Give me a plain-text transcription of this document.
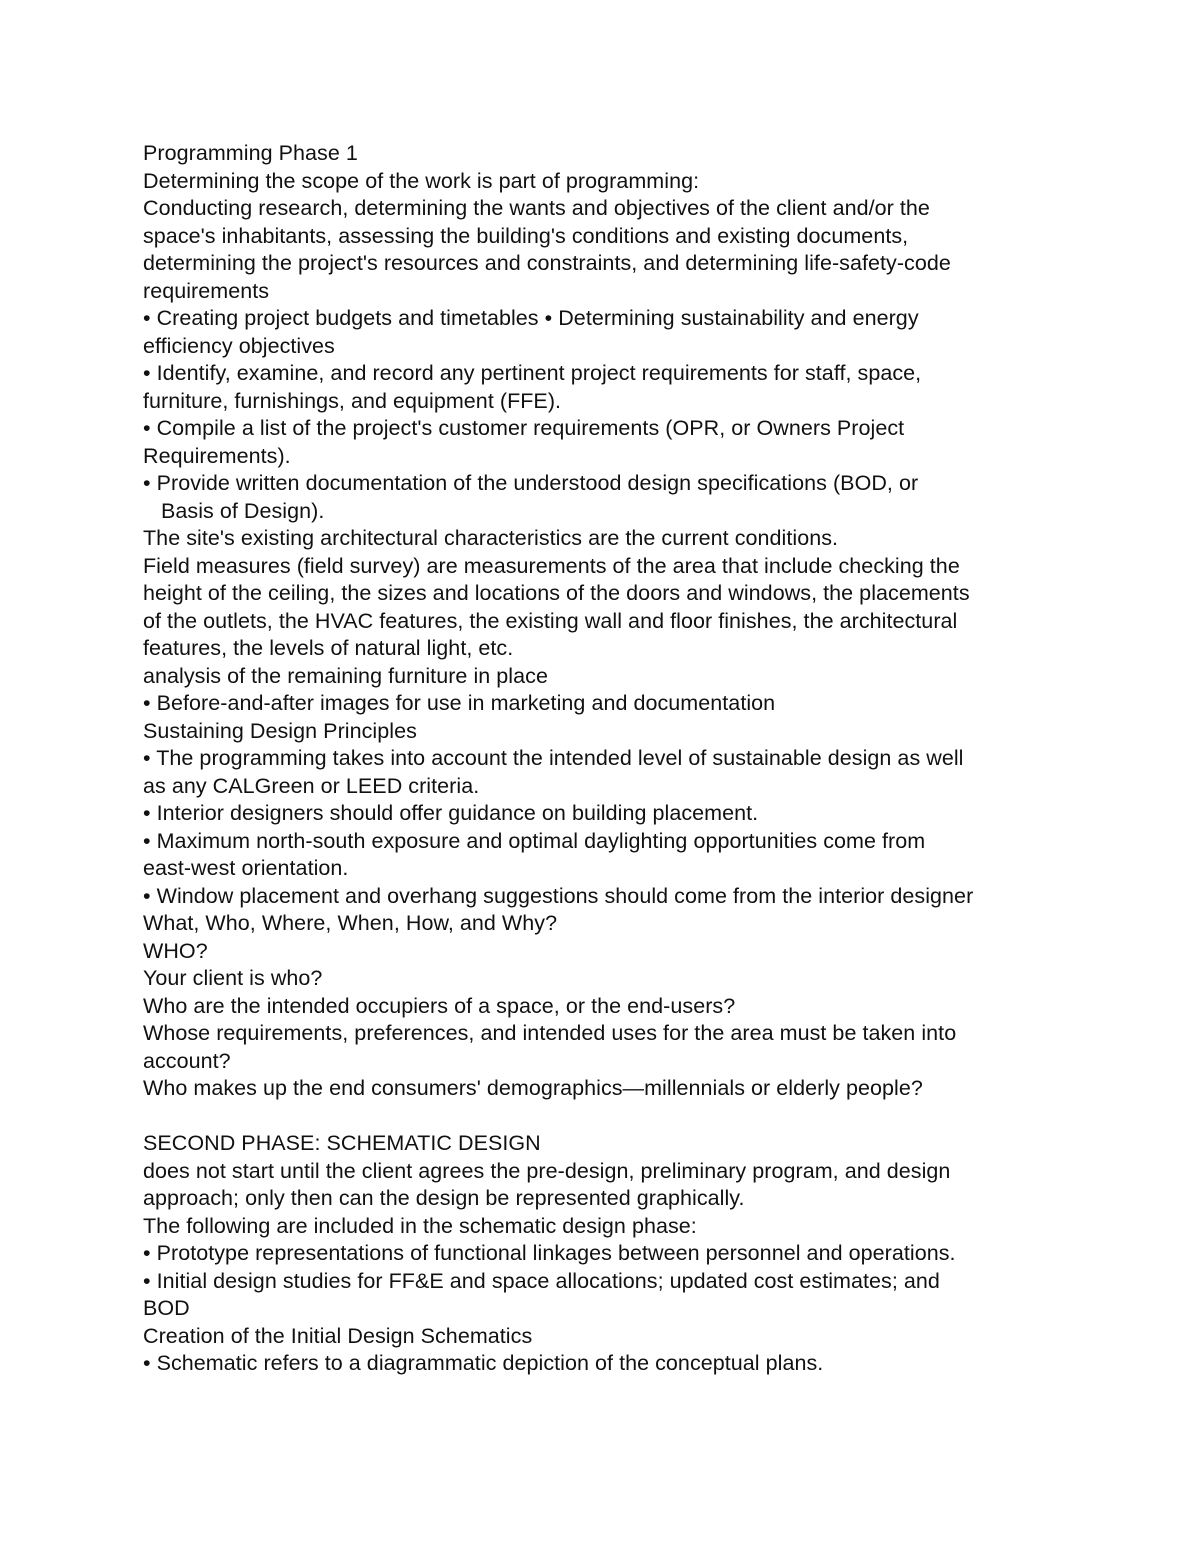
Programming Phase 1
Determining the scope of the work is part of programming:
Conducting research, determining the wants and objectives of the client and/or the
space's inhabitants, assessing the building's conditions and existing documents,
determining the project's resources and constraints, and determining life-safety-code
requirements
• Creating project budgets and timetables • Determining sustainability and energy
efficiency objectives
• Identify, examine, and record any pertinent project requirements for staff, space,
furniture, furnishings, and equipment (FFE).
• Compile a list of the project's customer requirements (OPR, or Owners Project
Requirements).
• Provide written documentation of the understood design specifications (BOD, or
Basis of Design).
The site's existing architectural characteristics are the current conditions.
Field measures (field survey) are measurements of the area that include checking the
height of the ceiling, the sizes and locations of the doors and windows, the placements
of the outlets, the HVAC features, the existing wall and floor finishes, the architectural
features, the levels of natural light, etc.
analysis of the remaining furniture in place
• Before-and-after images for use in marketing and documentation
Sustaining Design Principles
• The programming takes into account the intended level of sustainable design as well
as any CALGreen or LEED criteria.
• Interior designers should offer guidance on building placement.
• Maximum north-south exposure and optimal daylighting opportunities come from
east-west orientation.
• Window placement and overhang suggestions should come from the interior designer
What, Who, Where, When, How, and Why?
WHO?
Your client is who?
Who are the intended occupiers of a space, or the end-users?
Whose requirements, preferences, and intended uses for the area must be taken into
account?
Who makes up the end consumers' demographics—millennials or elderly people?
SECOND PHASE: SCHEMATIC DESIGN
does not start until the client agrees the pre-design, preliminary program, and design
approach; only then can the design be represented graphically.
The following are included in the schematic design phase:
• Prototype representations of functional linkages between personnel and operations.
• Initial design studies for FF&E and space allocations; updated cost estimates; and
BOD
Creation of the Initial Design Schematics
• Schematic refers to a diagrammatic depiction of the conceptual plans.
